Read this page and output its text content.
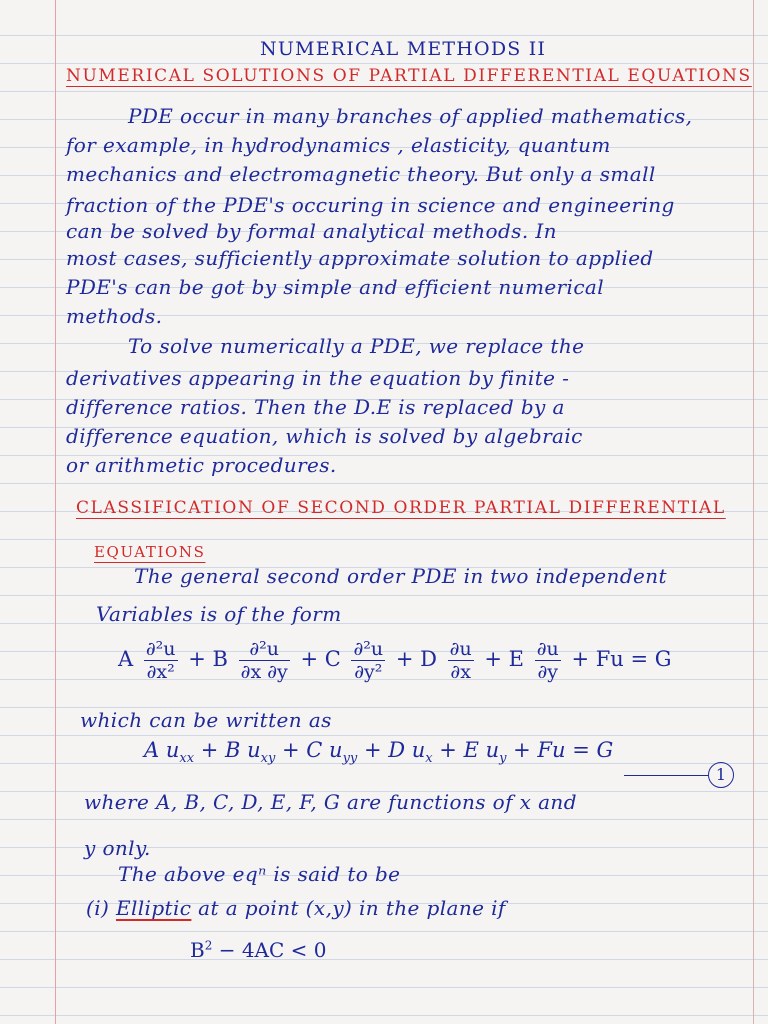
NUMERICAL METHODS II
NUMERICAL SOLUTIONS OF PARTIAL DIFFERENTIAL EQUATIONS
PDE occur in many branches of applied mathematics,
for example, in hydrodynamics , elasticity, quantum
mechanics and electromagnetic theory. But only a small
fraction of the PDE's occuring in science and engineering
can be solved by formal analytical methods. In
most cases, sufficiently approximate solution to applied
PDE's can be got by simple and efficient numerical
methods.
To solve numerically a PDE, we replace the
derivatives appearing in the equation by finite -
difference ratios. Then the D.E is replaced by a
difference equation, which is solved by algebraic
or arithmetic procedures.
CLASSIFICATION OF SECOND ORDER PARTIAL DIFFERENTIAL
EQUATIONS
The general second order PDE in two independent
Variables is of the form
A $\frac{\text{∂²u}}{\text{∂x²}} + B \frac{\text{∂²u}}{\partial x \partial y} + C \frac{\text{∂²u}}{\text{∂y²}} + D \frac{\partial u}{\partial x} + E \frac{\partial u}{\partial y} + Fu = G$
which can be written as
A $u_{xx} + B$ $u_{xy} + C$ $u_{yy} + D$ $u_x + E$ $u_y + Fu = G$
1
where A, B, C, D, E, F, G are functions of x and
y only.
The above eqⁿ is said to be
(i) Elliptic at a point (x,y) in the plane if
$B^2 - 4AC < 0$
